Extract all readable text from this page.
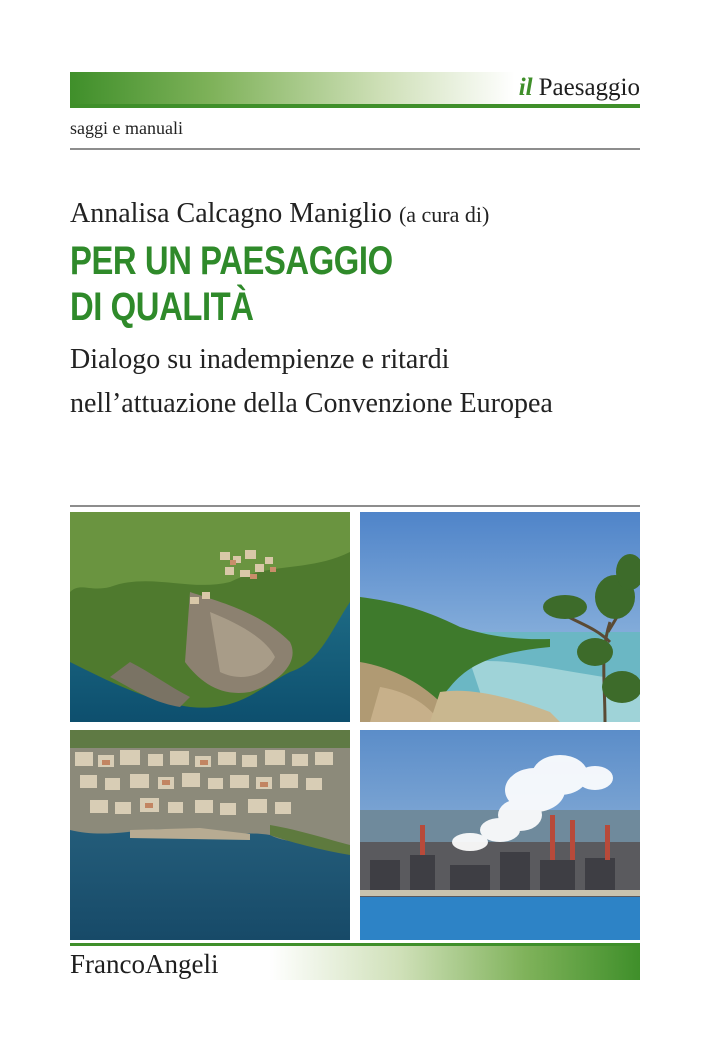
il Paesaggio
saggi e manuali
Annalisa Calcagno Maniglio (a cura di)
PER UN PAESAGGIO
DI QUALITÀ
Dialogo su inadempienze e ritardi
nell’attuazione della Convenzione Europea
FrancoAngeli
